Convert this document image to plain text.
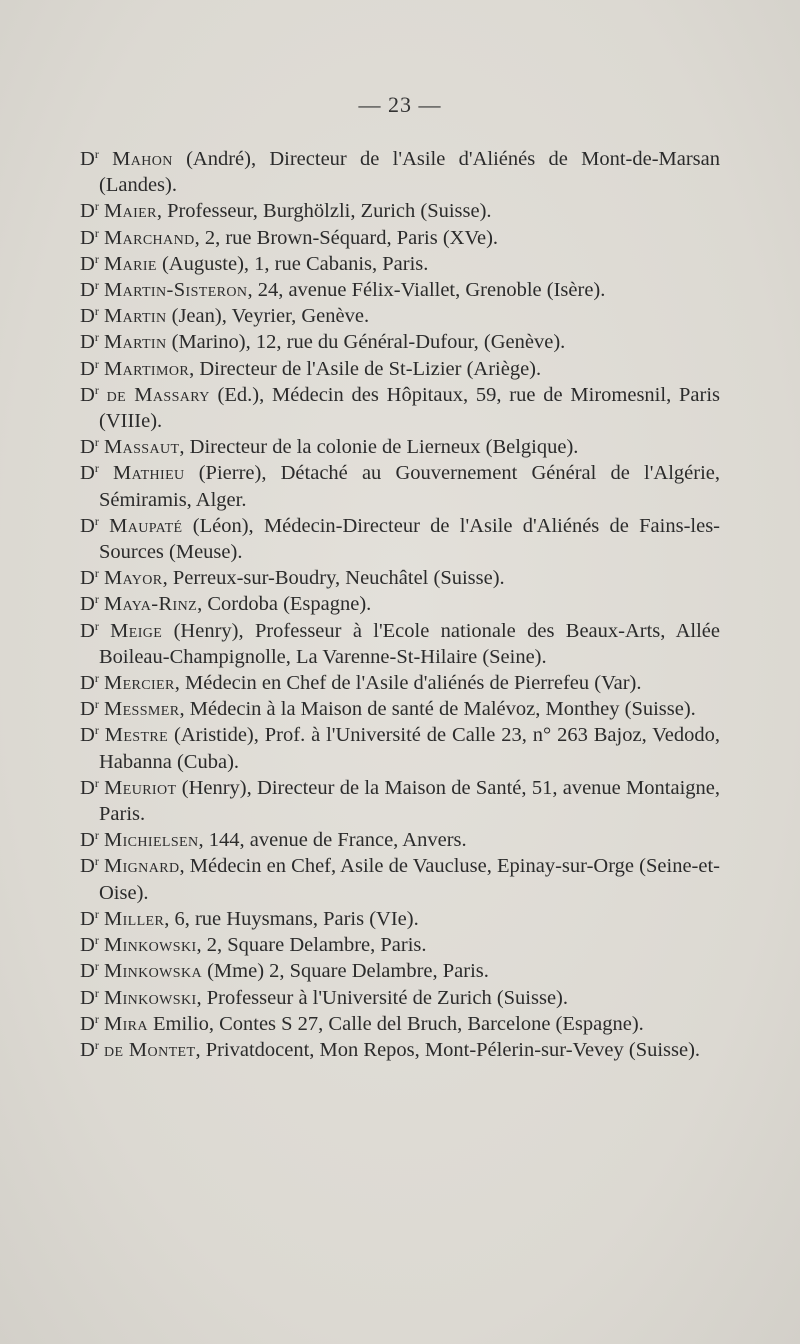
— 23 —

$D^r$ Mahon (André), Directeur de l'Asile d'Aliénés de Mont-de-Marsan (Landes).

$D^r$ Maier, Professeur, Burghölzli, Zurich (Suisse).

$D^r$ Marchand, 2, rue Brown-Séquard, Paris (XVe).

$D^r$ Marie (Auguste), 1, rue Cabanis, Paris.

$D^r$ Martin-Sisteron, 24, avenue Félix-Viallet, Grenoble (Isère).

$D^r$ Martin (Jean), Veyrier, Genève.

$D^r$ Martin (Marino), 12, rue du Général-Dufour, (Genève).

$D^r$ Martimor, Directeur de l'Asile de St-Lizier (Ariège).

$D^r$ de Massary (Ed.), Médecin des Hôpitaux, 59, rue de Miromesnil, Paris (VIIIe).

$D^r$ Massaut, Directeur de la colonie de Lierneux (Belgique).

$D^r$ Mathieu (Pierre), Détaché au Gouvernement Général de l'Algérie, Sémiramis, Alger.

$D^r$ Maupaté (Léon), Médecin-Directeur de l'Asile d'Aliénés de Fains-les-Sources (Meuse).

$D^r$ Mayor, Perreux-sur-Boudry, Neuchâtel (Suisse).

$D^r$ Maya-Rinz, Cordoba (Espagne).

$D^r$ Meige (Henry), Professeur à l'Ecole nationale des Beaux-Arts, Allée Boileau-Champignolle, La Varenne-St-Hilaire (Seine).

$D^r$ Mercier, Médecin en Chef de l'Asile d'aliénés de Pierrefeu (Var).

$D^r$ Messmer, Médecin à la Maison de santé de Malévoz, Monthey (Suisse).

$D^r$ Mestre (Aristide), Prof. à l'Université de Calle 23, n° 263 Bajoz, Vedodo, Habanna (Cuba).

$D^r$ Meuriot (Henry), Directeur de la Maison de Santé, 51, avenue Montaigne, Paris.

$D^r$ Michielsen, 144, avenue de France, Anvers.

$D^r$ Mignard, Médecin en Chef, Asile de Vaucluse, Epinay-sur-Orge (Seine-et-Oise).

$D^r$ Miller, 6, rue Huysmans, Paris (VIe).

$D^r$ Minkowski, 2, Square Delambre, Paris.

$D^r$ Minkowska (Mme) 2, Square Delambre, Paris.

$D^r$ Minkowski, Professeur à l'Université de Zurich (Suisse).

$D^r$ Mira Emilio, Contes S 27, Calle del Bruch, Barcelone (Espagne).

$D^r$ de Montet, Privatdocent, Mon Repos, Mont-Pélerin-sur-Vevey (Suisse).
